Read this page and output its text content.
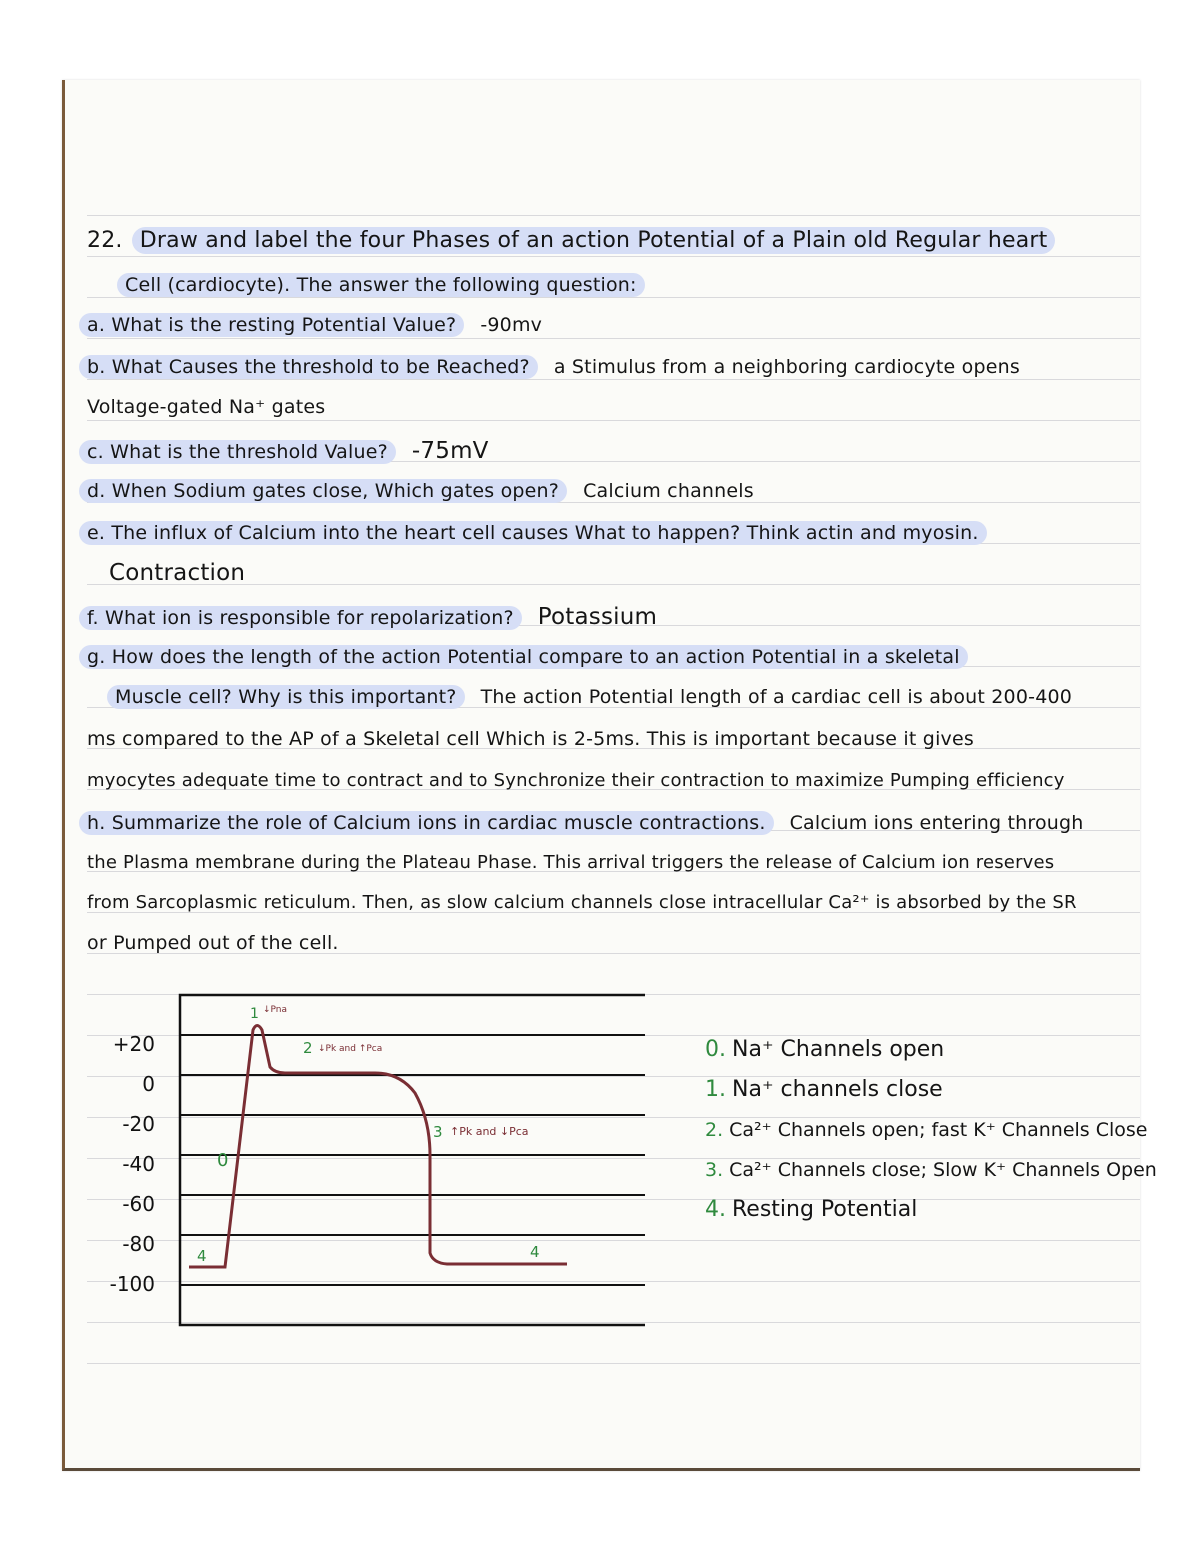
22. Draw and label the four Phases of an action Potential of a Plain old Regular heart
Cell (cardiocyte). The answer the following question:
a. What is the resting Potential Value? -90mv
b. What Causes the threshold to be Reached? a Stimulus from a neighboring cardiocyte opens
Voltage-gated Na⁺ gates
c. What is the threshold Value? -75mV
d. When Sodium gates close, Which gates open? Calcium channels
e. The influx of Calcium into the heart cell causes What to happen? Think actin and myosin.
Contraction
f. What ion is responsible for repolarization? Potassium
g. How does the length of the action Potential compare to an action Potential in a skeletal
Muscle cell? Why is this important? The action Potential length of a cardiac cell is about 200-400
ms compared to the AP of a Skeletal cell Which is 2-5ms. This is important because it gives
myocytes adequate time to contract and to Synchronize their contraction to maximize Pumping efficiency
h. Summarize the role of Calcium ions in cardiac muscle contractions. Calcium ions entering through
the Plasma membrane during the Plateau Phase. This arrival triggers the release of Calcium ion reserves
from Sarcoplasmic reticulum. Then, as slow calcium channels close intracellular Ca²⁺ is absorbed by the SR
or Pumped out of the cell.
+20
0
-20
-40
-60
-80
-100
0
1 ↓Pna
2 ↓Pk and ↑Pca
3 ↑Pk and ↓Pca
4	4
0. Na⁺ Channels open
1. Na⁺ channels close
2. Ca²⁺ Channels open; fast K⁺ Channels Close
3. Ca²⁺ Channels close; Slow K⁺ Channels Open
4. Resting Potential
